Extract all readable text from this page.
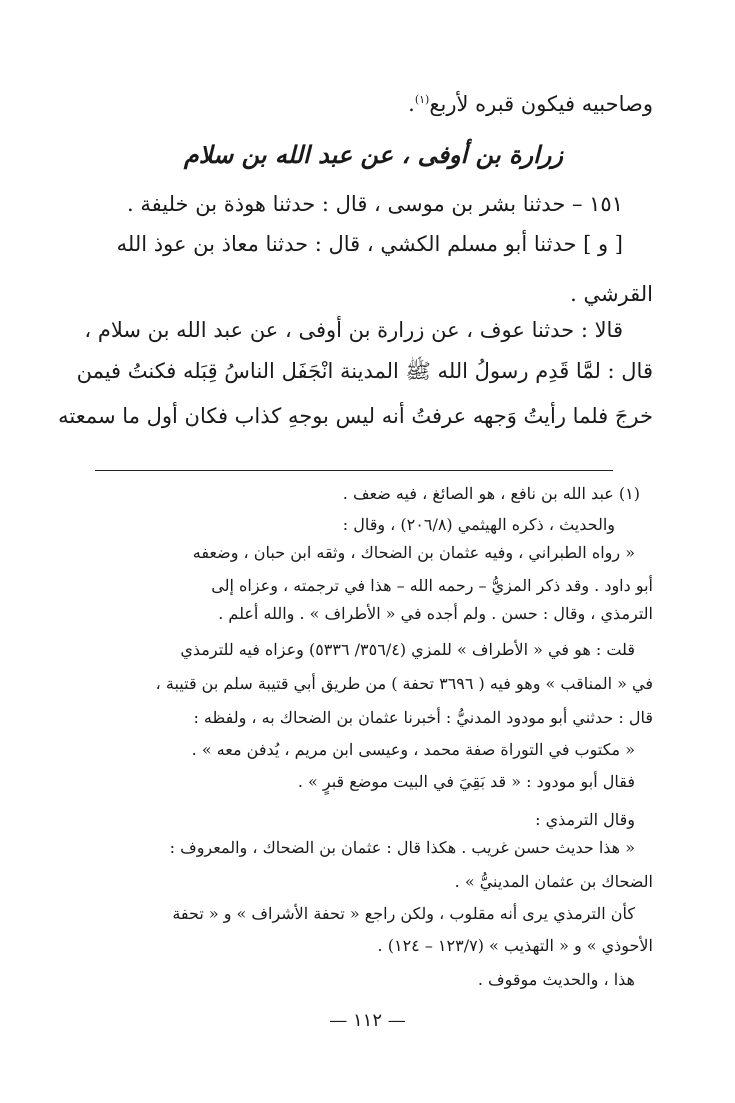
وصاحبيه فيكون قبره لأربع$^{(١)}$.
زرارة بن أوفى ، عن عبد الله بن سلام
١٥١ – حدثنا بشر بن موسى ، قال : حدثنا هوذة بن خليفة .
[ و ] حدثنا أبو مسلم الكشي ، قال : حدثنا معاذ بن عوذ الله
القرشي .
قالا : حدثنا عوف ، عن زرارة بن أوفى ، عن عبد الله بن سلام ،
قال : لمَّا قَدِم رسولُ الله ﷺ المدينة انْجَفَل الناسُ قِبَله فكنتُ فيمن
خرجَ فلما رأيتُ وَجهه عرفتُ أنه ليس بوجهِ كذاب فكان أول ما سمعته
(١) عبد الله بن نافع ، هو الصائغ ، فيه ضعف .
والحديث ، ذكره الهيثمي (٢٠٦/٨) ، وقال :
« رواه الطبراني ، وفيه عثمان بن الضحاك ، وثقه ابن حبان ، وضعفه
أبو داود . وقد ذكر المزيُّ – رحمه الله – هذا في ترجمته ، وعزاه إلى
الترمذي ، وقال : حسن . ولم أجده في « الأطراف » . والله أعلم .
قلت : هو في « الأطراف » للمزي (٣٥٦/٤/ ٥٣٣٦) وعزاه فيه للترمذي
في « المناقب » وهو فيه ( ٣٦٩٦ تحفة ) من طريق أبي قتيبة سلم بن قتيبة ،
قال : حدثني أبو مودود المدنيُّ : أخبرنا عثمان بن الضحاك به ، ولفظه :
« مكتوب في التوراة صفة محمد ، وعيسى ابن مريم ، يُدفن معه » .
فقال أبو مودود : « قد بَقِيَ في البيت موضع قبرٍ » .
وقال الترمذي :
« هذا حديث حسن غريب . هكذا قال : عثمان بن الضحاك ، والمعروف :
الضحاك بن عثمان المدينيُّ » .
كأن الترمذي يرى أنه مقلوب ، ولكن راجع « تحفة الأشراف » و « تحفة
الأحوذي » و « التهذيب » (١٢٣/٧ – ١٢٤) .
هذا ، والحديث موقوف .
— ١١٢ —
